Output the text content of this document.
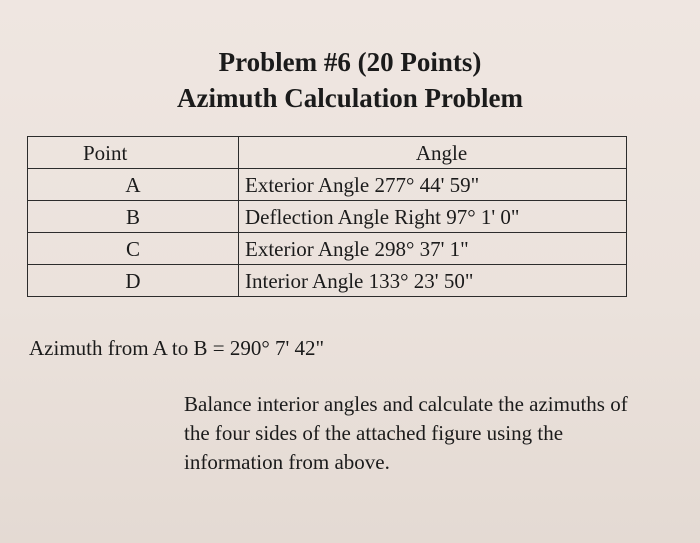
Problem #6 (20 Points)
Azimuth Calculation Problem
Point	Angle
A	Exterior Angle 277° 44' 59"
B	Deflection Angle Right 97° 1' 0"
C	Exterior Angle 298° 37' 1"
D	Interior Angle 133° 23' 50"
Azimuth from A to B = 290° 7' 42"
Balance interior angles and calculate the azimuths of the four sides of the attached figure using the information from above.
